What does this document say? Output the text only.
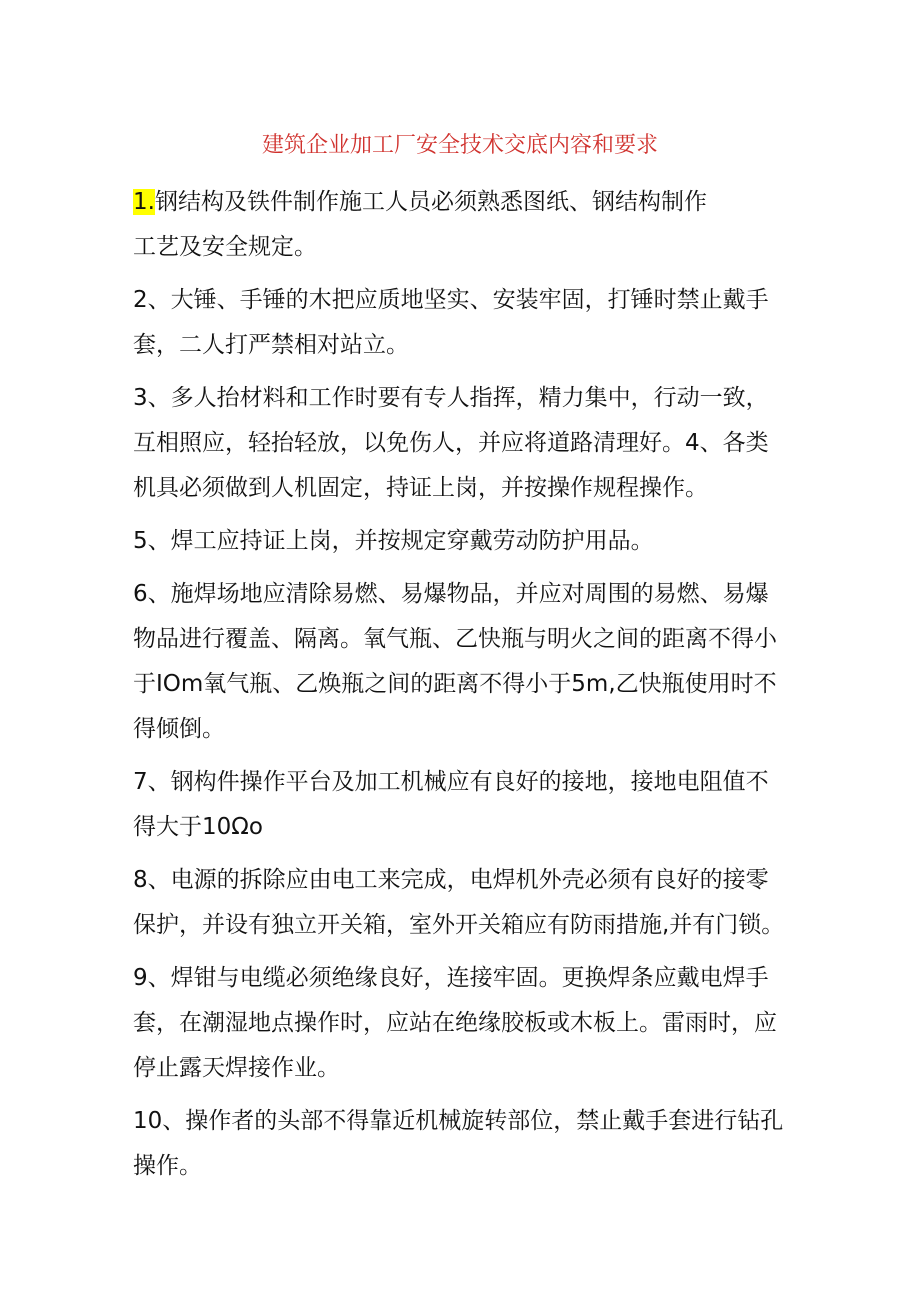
建筑企业加工厂安全技术交底内容和要求
1.钢结构及铁件制作施工人员必须熟悉图纸、钢结构制作
工艺及安全规定。
2、大锤、手锤的木把应质地坚实、安装牢固，打锤时禁止戴手
套，二人打严禁相对站立。
3、多人抬材料和工作时要有专人指挥，精力集中，行动一致，
互相照应，轻抬轻放，以免伤人，并应将道路清理好。4、各类
机具必须做到人机固定，持证上岗，并按操作规程操作。
5、焊工应持证上岗，并按规定穿戴劳动防护用品。
6、施焊场地应清除易燃、易爆物品，并应对周围的易燃、易爆
物品进行覆盖、隔离。氧气瓶、乙快瓶与明火之间的距离不得小
于IOm氧气瓶、乙焕瓶之间的距离不得小于5m,乙快瓶使用时不
得倾倒。
7、钢构件操作平台及加工机械应有良好的接地，接地电阻值不
得大于10Ωo
8、电源的拆除应由电工来完成，电焊机外壳必须有良好的接零
保护，并设有独立开关箱，室外开关箱应有防雨措施,并有门锁。
9、焊钳与电缆必须绝缘良好，连接牢固。更换焊条应戴电焊手
套，在潮湿地点操作时，应站在绝缘胶板或木板上。雷雨时，应
停止露天焊接作业。
10、操作者的头部不得靠近机械旋转部位，禁止戴手套进行钻孔
操作。
